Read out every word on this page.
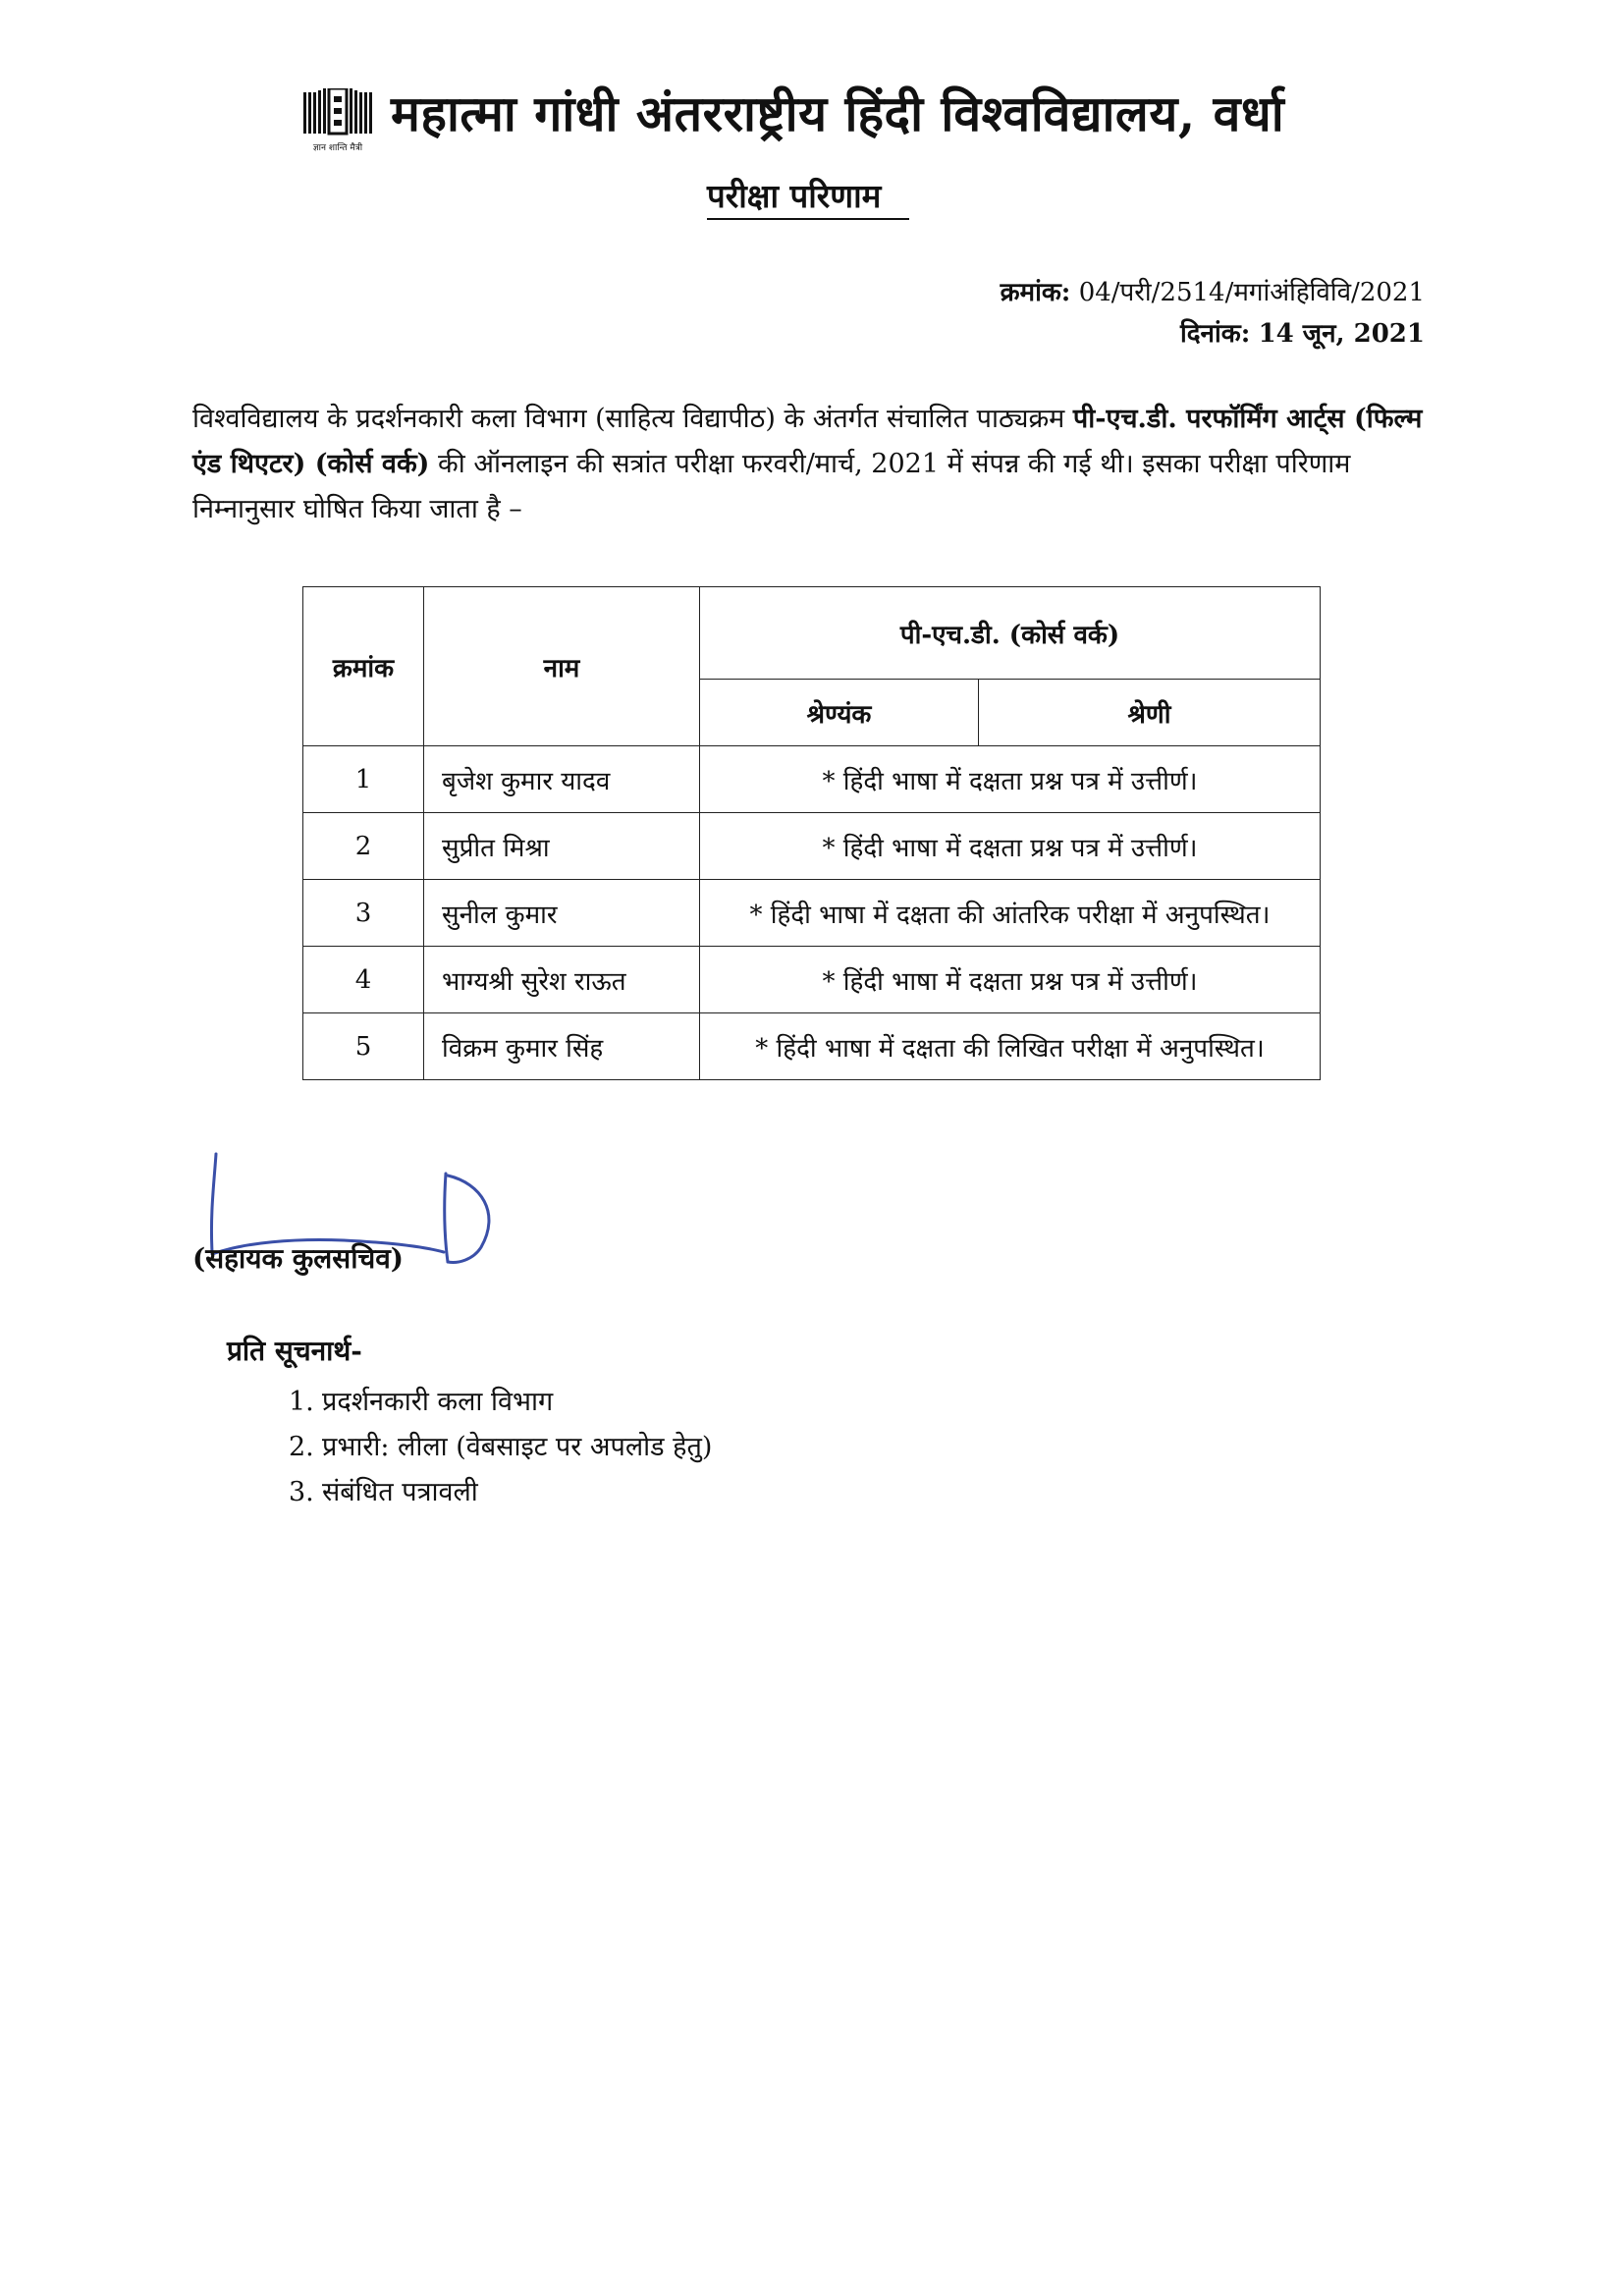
ज्ञान शान्ति मैत्री
महात्मा गांधी अंतरराष्ट्रीय हिंदी विश्वविद्यालय, वर्धा
परीक्षा परिणाम
क्रमांक: 04/परी/2514/मगांअंहिविवि/2021
दिनांक: 14 जून, 2021
विश्वविद्यालय के प्रदर्शनकारी कला विभाग (साहित्य विद्यापीठ) के अंतर्गत संचालित पाठ्यक्रम पी-एच.डी. परफॉर्मिंग आर्ट्स (फिल्म एंड थिएटर) (कोर्स वर्क) की ऑनलाइन की सत्रांत परीक्षा फरवरी/मार्च, 2021 में संपन्न की गई थी। इसका परीक्षा परिणाम निम्नानुसार घोषित किया जाता है –
क्रमांक	नाम	पी-एच.डी. (कोर्स वर्क)	
		श्रेण्यंक	श्रेणी
1	बृजेश कुमार यादव	* हिंदी भाषा में दक्षता प्रश्न पत्र में उत्तीर्ण।	
2	सुप्रीत मिश्रा	* हिंदी भाषा में दक्षता प्रश्न पत्र में उत्तीर्ण।	
3	सुनील कुमार	* हिंदी भाषा में दक्षता की आंतरिक परीक्षा में अनुपस्थित।	
4	भाग्यश्री सुरेश राऊत	* हिंदी भाषा में दक्षता प्रश्न पत्र में उत्तीर्ण।	
5	विक्रम कुमार सिंह	* हिंदी भाषा में दक्षता की लिखित परीक्षा में अनुपस्थित।	
(सहायक कुलसचिव)
प्रति सूचनार्थ-
1. प्रदर्शनकारी कला विभाग
2. प्रभारी: लीला (वेबसाइट पर अपलोड हेतु)
3. संबंधित पत्रावली
